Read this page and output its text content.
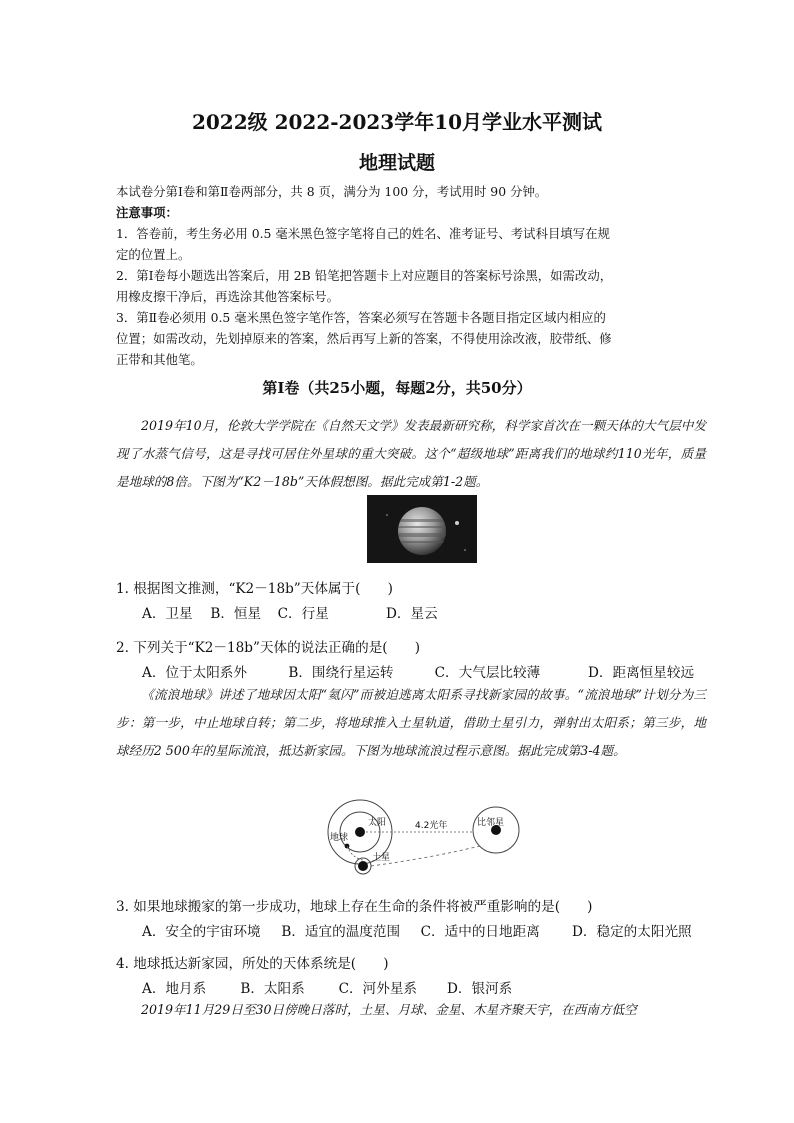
2022级 2022-2023学年10月学业水平测试
地理试题
本试卷分第Ⅰ卷和第Ⅱ卷两部分，共 8 页，满分为 100 分，考试用时 90 分钟。
注意事项：
1．答卷前，考生务必用 0.5 毫米黑色签字笔将自己的姓名、准考证号、考试科目填写在规
定的位置上。
2．第Ⅰ卷每小题选出答案后，用 2B 铅笔把答题卡上对应题目的答案标号涂黑，如需改动，
用橡皮擦干净后，再选涂其他答案标号。
3．第Ⅱ卷必须用 0.5 毫米黑色签字笔作答，答案必须写在答题卡各题目指定区域内相应的
位置；如需改动，先划掉原来的答案，然后再写上新的答案，不得使用涂改液，胶带纸、修
正带和其他笔。
第Ⅰ卷（共25小题，每题2分，共50分）
2019年10月，伦敦大学学院在《自然天文学》发表最新研究称，科学家首次在一颗天体的大气层中发现了水蒸气信号，这是寻找可居住外星球的重大突破。这个“超级地球”距离我们的地球约110光年，质量是地球的8倍。下图为“K2－18b”天体假想图。据此完成第1-2题。
1. 根据图文推测，“K2－18b”天体属于(　　)
A．卫星 B．恒星 C．行星	D．星云
2. 下列关于“K2－18b”天体的说法正确的是(　　)
A．位于太阳系外	B．围绕行星运转	C．大气层比较薄	D．距离恒星较远
《流浪地球》讲述了地球因太阳“氦闪”而被迫逃离太阳系寻找新家园的故事。“流浪地球”计划分为三步：第一步，中止地球自转；第二步，将地球推入土星轨道，借助土星引力，弹射出太阳系；第三步，地球经历2 500年的星际流浪，抵达新家园。下图为地球流浪过程示意图。据此完成第3-4题。
太阳
地球
土星
比邻星
4.2光年
3. 如果地球搬家的第一步成功，地球上存在生命的条件将被严重影响的是(　　)
A．安全的宇宙环境 B．适宜的温度范围 C．适中的日地距离 D．稳定的太阳光照
4. 地球抵达新家园，所处的天体系统是(　　)
A．地月系	B．太阳系 C．河外星系 D．银河系
2019年11月29日至30日傍晚日落时，土星、月球、金星、木星齐聚天宇，在西南方低空
